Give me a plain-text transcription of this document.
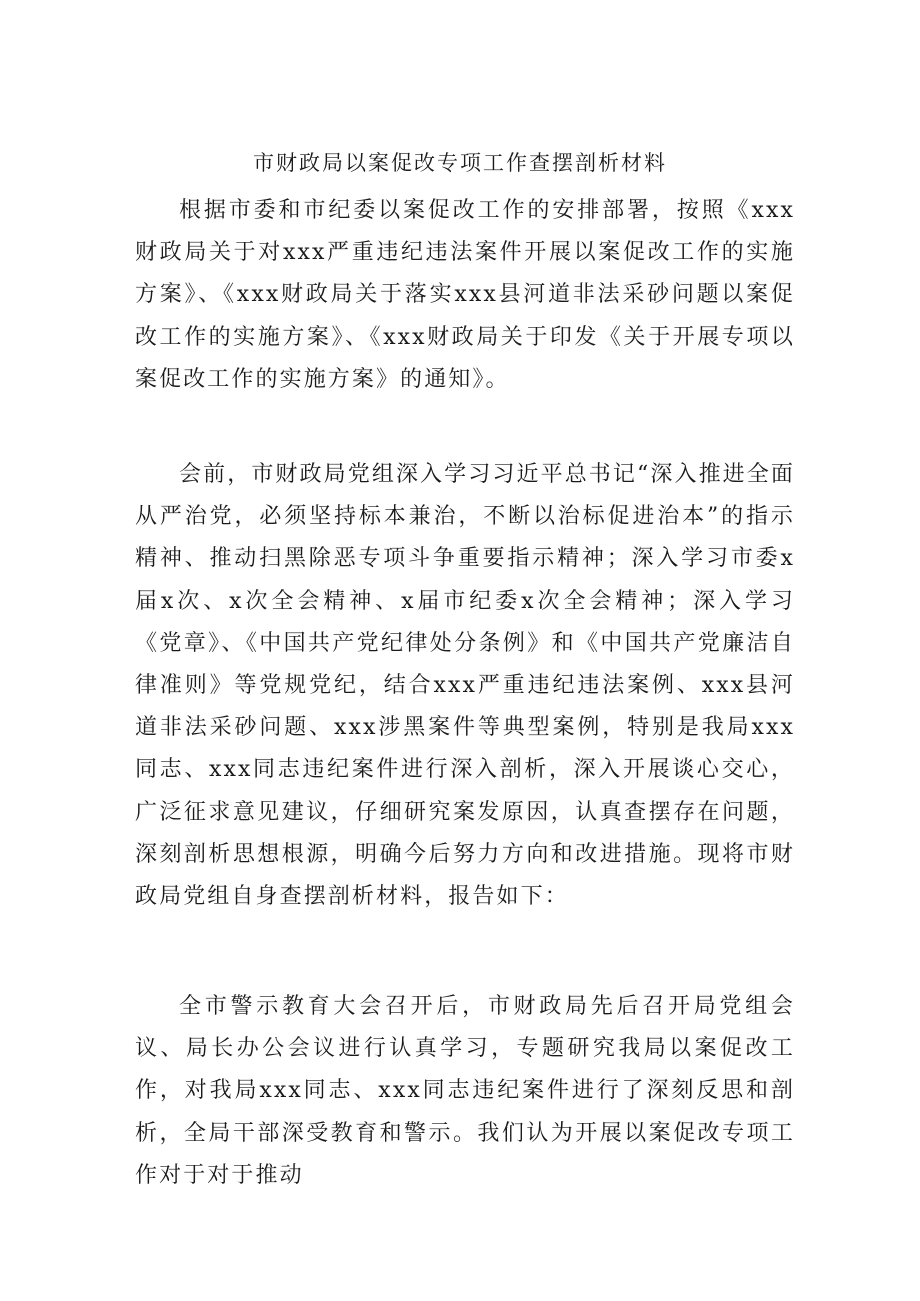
市财政局以案促改专项工作查摆剖析材料

根据市委和市纪委以案促改工作的安排部署，按照《xxx财政局关于对xxx严重违纪违法案件开展以案促改工作的实施方案》、《xxx财政局关于落实xxx县河道非法采砂问题以案促改工作的实施方案》、《xxx财政局关于印发《关于开展专项以案促改工作的实施方案》的通知》。

会前，市财政局党组深入学习习近平总书记“深入推进全面从严治党，必须坚持标本兼治，不断以治标促进治本”的指示精神、推动扫黑除恶专项斗争重要指示精神；深入学习市委x届x次、x次全会精神、x届市纪委x次全会精神；深入学习《党章》、《中国共产党纪律处分条例》和《中国共产党廉洁自律准则》等党规党纪，结合xxx严重违纪违法案例、xxx县河道非法采砂问题、xxx涉黑案件等典型案例，特别是我局xxx同志、xxx同志违纪案件进行深入剖析，深入开展谈心交心，广泛征求意见建议，仔细研究案发原因，认真查摆存在问题，深刻剖析思想根源，明确今后努力方向和改进措施。现将市财政局党组自身查摆剖析材料，报告如下：

全市警示教育大会召开后，市财政局先后召开局党组会议、局长办公会议进行认真学习，专题研究我局以案促改工作，对我局xxx同志、xxx同志违纪案件进行了深刻反思和剖析，全局干部深受教育和警示。我们认为开展以案促改专项工作对于对于推动
